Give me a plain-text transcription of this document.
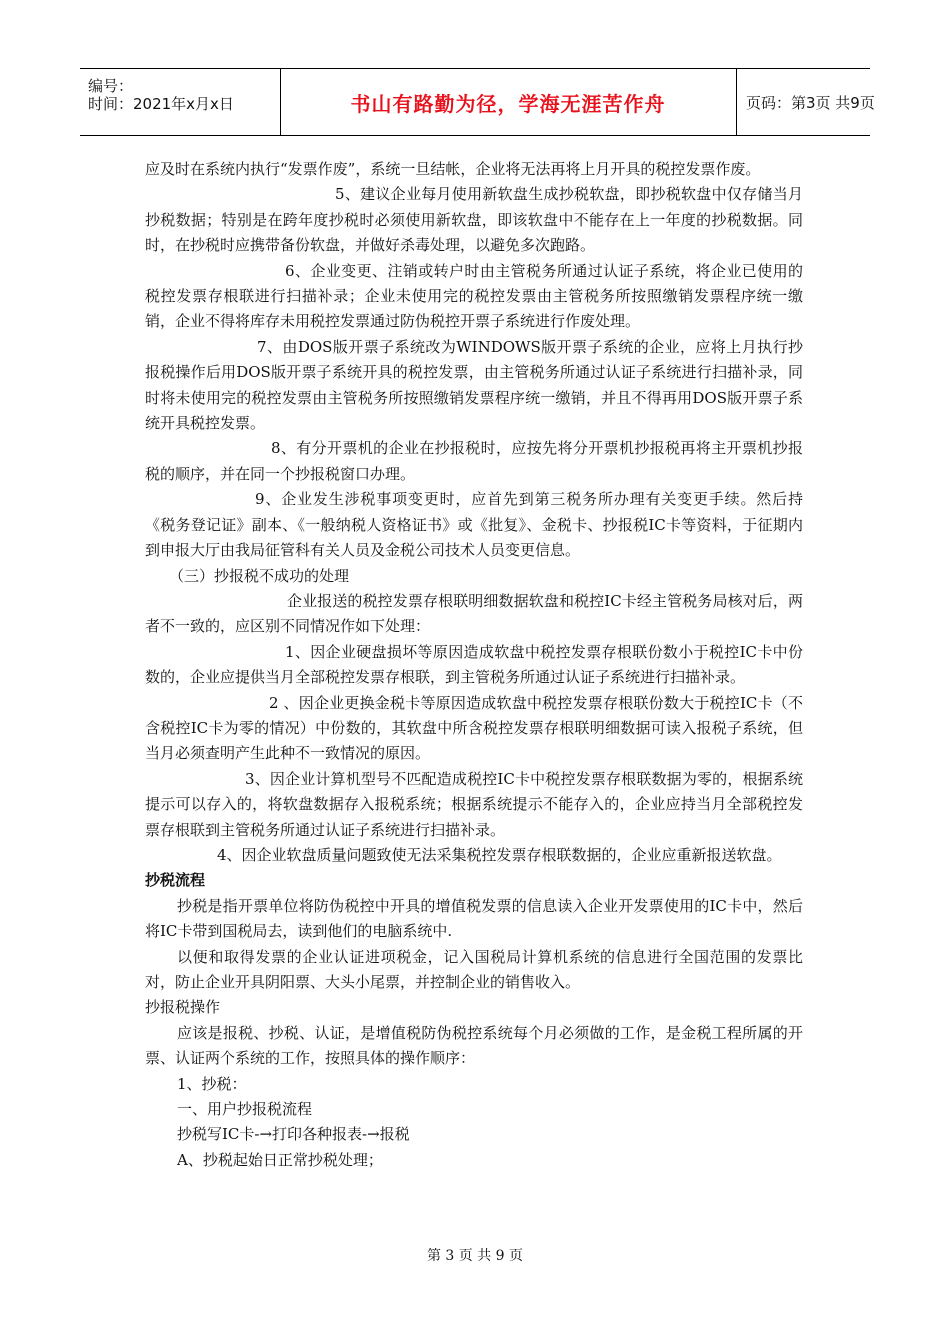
编号：
时间：2021年x月x日	书山有路勤为径，学海无涯苦作舟	页码：第3页 共9页

应及时在系统内执行“发票作废”，系统一旦结帐，企业将无法再将上月开具的税控发票作废。

5、建议企业每月使用新软盘生成抄税软盘，即抄税软盘中仅存储当月抄税数据；特别是在跨年度抄税时必须使用新软盘，即该软盘中不能存在上一年度的抄税数据。同时，在抄税时应携带备份软盘，并做好杀毒处理，以避免多次跑路。

6、企业变更、注销或转户时由主管税务所通过认证子系统，将企业已使用的税控发票存根联进行扫描补录；企业未使用完的税控发票由主管税务所按照缴销发票程序统一缴销，企业不得将库存未用税控发票通过防伪税控开票子系统进行作废处理。

7、由DOS版开票子系统改为WINDOWS版开票子系统的企业，应将上月执行抄报税操作后用DOS版开票子系统开具的税控发票，由主管税务所通过认证子系统进行扫描补录，同时将未使用完的税控发票由主管税务所按照缴销发票程序统一缴销，并且不得再用DOS版开票子系统开具税控发票。

8、有分开票机的企业在抄报税时，应按先将分开票机抄报税再将主开票机抄报税的顺序，并在同一个抄报税窗口办理。

9、企业发生涉税事项变更时，应首先到第三税务所办理有关变更手续。然后持《税务登记证》副本、《一般纳税人资格证书》或《批复》、金税卡、抄报税IC卡等资料，于征期内到申报大厅由我局征管科有关人员及金税公司技术人员变更信息。

（三）抄报税不成功的处理

企业报送的税控发票存根联明细数据软盘和税控IC卡经主管税务局核对后，两者不一致的，应区别不同情况作如下处理：

1、因企业硬盘损坏等原因造成软盘中税控发票存根联份数小于税控IC卡中份数的，企业应提供当月全部税控发票存根联，到主管税务所通过认证子系统进行扫描补录。

2 、因企业更换金税卡等原因造成软盘中税控发票存根联份数大于税控IC卡（不含税控IC卡为零的情况）中份数的，其软盘中所含税控发票存根联明细数据可读入报税子系统，但当月必须查明产生此种不一致情况的原因。

3、因企业计算机型号不匹配造成税控IC卡中税控发票存根联数据为零的，根据系统提示可以存入的，将软盘数据存入报税系统；根据系统提示不能存入的，企业应持当月全部税控发票存根联到主管税务所通过认证子系统进行扫描补录。

4、因企业软盘质量问题致使无法采集税控发票存根联数据的，企业应重新报送软盘。

抄税流程

抄税是指开票单位将防伪税控中开具的增值税发票的信息读入企业开发票使用的IC卡中，然后将IC卡带到国税局去，读到他们的电脑系统中.

以便和取得发票的企业认证进项税金，记入国税局计算机系统的信息进行全国范围的发票比对，防止企业开具阴阳票、大头小尾票，并控制企业的销售收入。

抄报税操作

应该是报税、抄税、认证，是增值税防伪税控系统每个月必须做的工作，是金税工程所属的开票、认证两个系统的工作，按照具体的操作顺序：

1、抄税：

一、用户抄报税流程

抄税写IC卡-→打印各种报表-→报税

A、抄税起始日正常抄税处理；

第 3 页 共 9 页
